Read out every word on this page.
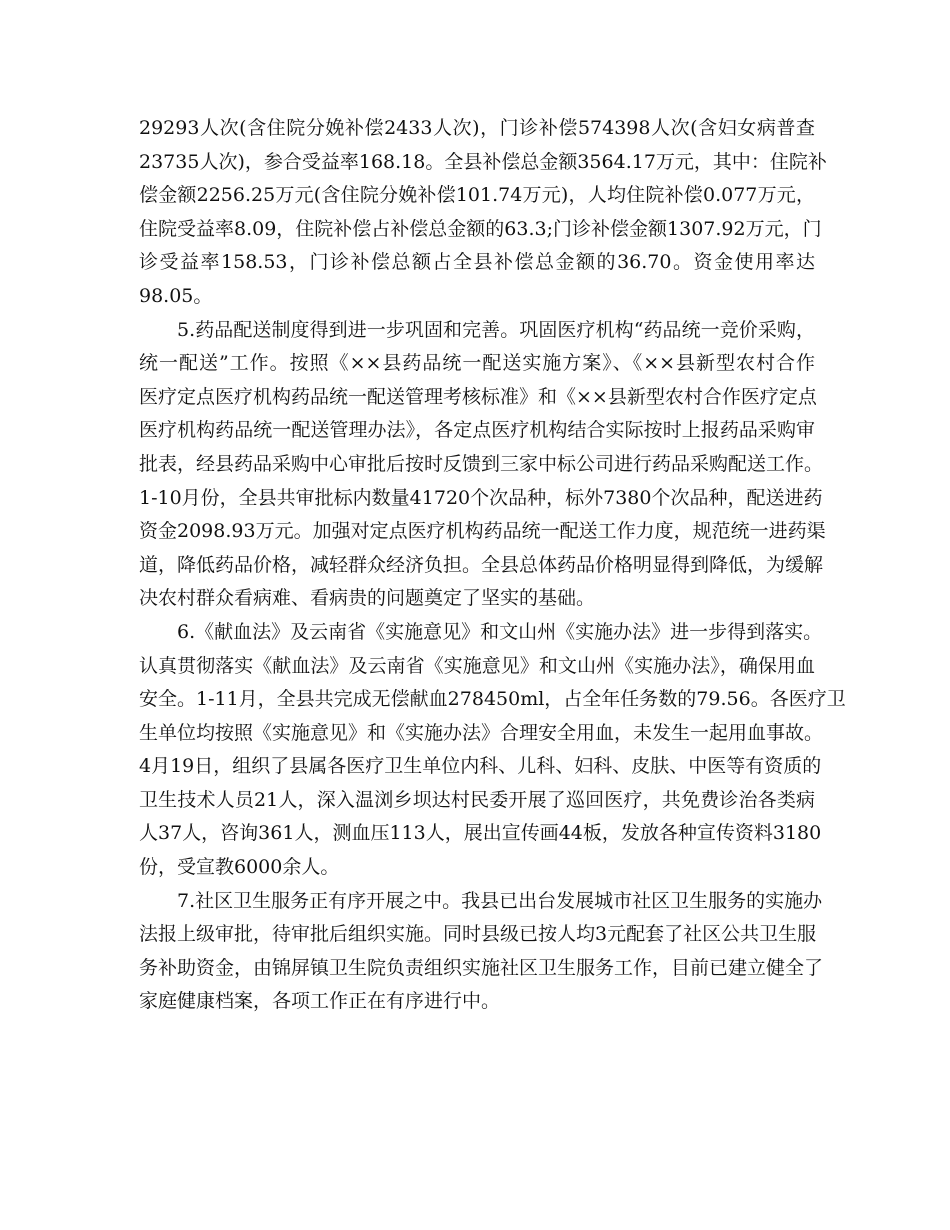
29293人次(含住院分娩补偿2433人次)，门诊补偿574398人次(含妇女病普查
23735人次)，参合受益率168.18。全县补偿总金额3564.17万元，其中：住院补
偿金额2256.25万元(含住院分娩补偿101.74万元)，人均住院补偿0.077万元，
住院受益率8.09，住院补偿占补偿总金额的63.3;门诊补偿金额1307.92万元，门
诊受益率158.53，门诊补偿总额占全县补偿总金额的36.70。资金使用率达
98.05。
5.药品配送制度得到进一步巩固和完善。巩固医疗机构“药品统一竞价采购，
统一配送”工作。按照《××县药品统一配送实施方案》、《××县新型农村合作
医疗定点医疗机构药品统一配送管理考核标准》和《××县新型农村合作医疗定点
医疗机构药品统一配送管理办法》，各定点医疗机构结合实际按时上报药品采购审
批表，经县药品采购中心审批后按时反馈到三家中标公司进行药品采购配送工作。
1-10月份，全县共审批标内数量41720个次品种，标外7380个次品种，配送进药
资金2098.93万元。加强对定点医疗机构药品统一配送工作力度，规范统一进药渠
道，降低药品价格，减轻群众经济负担。全县总体药品价格明显得到降低，为缓解
决农村群众看病难、看病贵的问题奠定了坚实的基础。
6.《献血法》及云南省《实施意见》和文山州《实施办法》进一步得到落实。
认真贯彻落实《献血法》及云南省《实施意见》和文山州《实施办法》，确保用血
安全。1-11月，全县共完成无偿献血278450ml，占全年任务数的79.56。各医疗卫
生单位均按照《实施意见》和《实施办法》合理安全用血，未发生一起用血事故。
4月19日，组织了县属各医疗卫生单位内科、儿科、妇科、皮肤、中医等有资质的
卫生技术人员21人，深入温浏乡坝达村民委开展了巡回医疗，共免费诊治各类病
人37人，咨询361人，测血压113人，展出宣传画44板，发放各种宣传资料3180
份，受宣教6000余人。
7.社区卫生服务正有序开展之中。我县已出台发展城市社区卫生服务的实施办
法报上级审批，待审批后组织实施。同时县级已按人均3元配套了社区公共卫生服
务补助资金，由锦屏镇卫生院负责组织实施社区卫生服务工作，目前已建立健全了
家庭健康档案，各项工作正在有序进行中。
